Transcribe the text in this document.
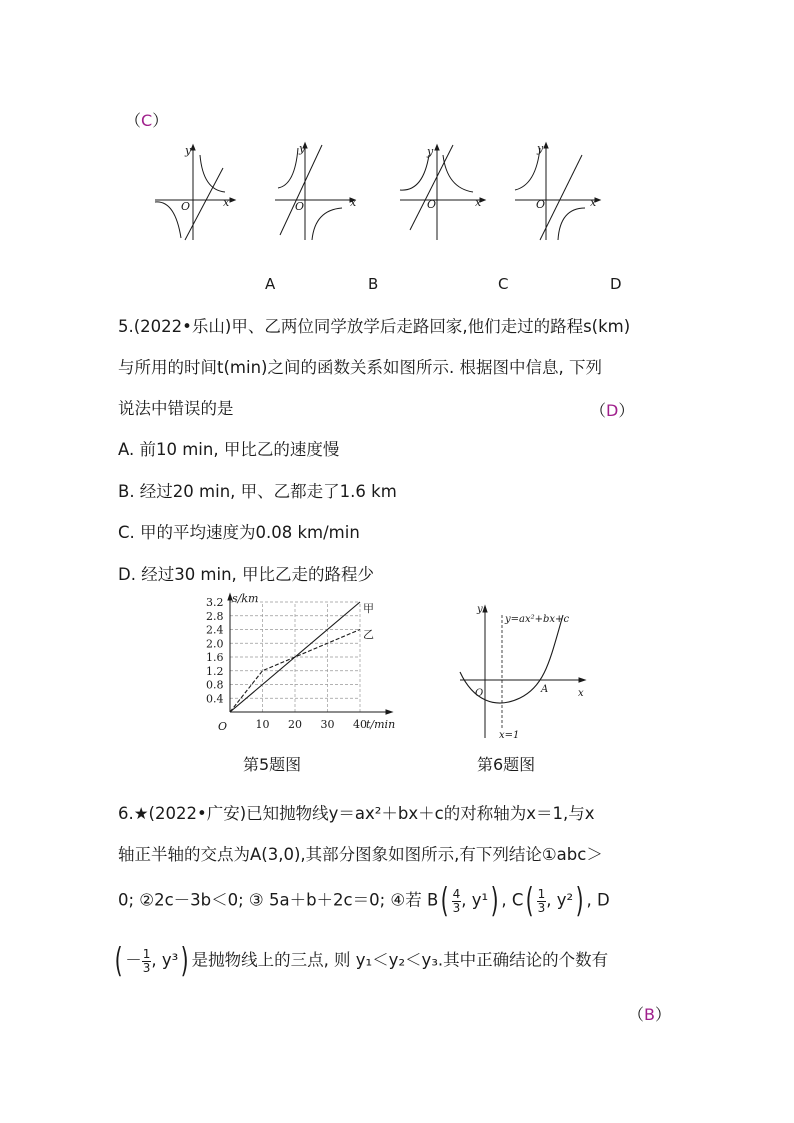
（C）
y
x
O
y
x
O
y
x
O
y
x
O
A	B	C	D
5.(2022•乐山)甲、乙两位同学放学后走路回家,他们走过的路程s(km)
与所用的时间t(min)之间的函数关系如图所示. 根据图中信息, 下列
说法中错误的是	（D）
A. 前10 min, 甲比乙的速度慢
B. 经过20 min, 甲、乙都走了1.6 km
C. 甲的平均速度为0.08 km/min
D. 经过30 min, 甲比乙走的路程少
0.4
0.8
1.2
1.6
2.0
2.4
2.8
3.2
10 20 30 40
s/km
t/min
O
甲
乙
第5题图
y=ax²+bx+c
y
x
O	A
x=1
第6题图
6.★(2022•广安)已知抛物线y＝ax²＋bx＋c的对称轴为x＝1,与x
轴正半轴的交点为A(3,0),其部分图象如图所示,有下列结论①abc＞
0; ②2c－3b＜0; ③ 5a＋b＋2c＝0; ④若 $B( \frac{4}{3}$ , y¹) , $C( \frac{1}{3}$ , y²) , D
( － $\frac{1}{3}$ , y³) 是抛物线上的三点, 则 y₁＜y₂＜y₃.其中正确结论的个数有
（B）
